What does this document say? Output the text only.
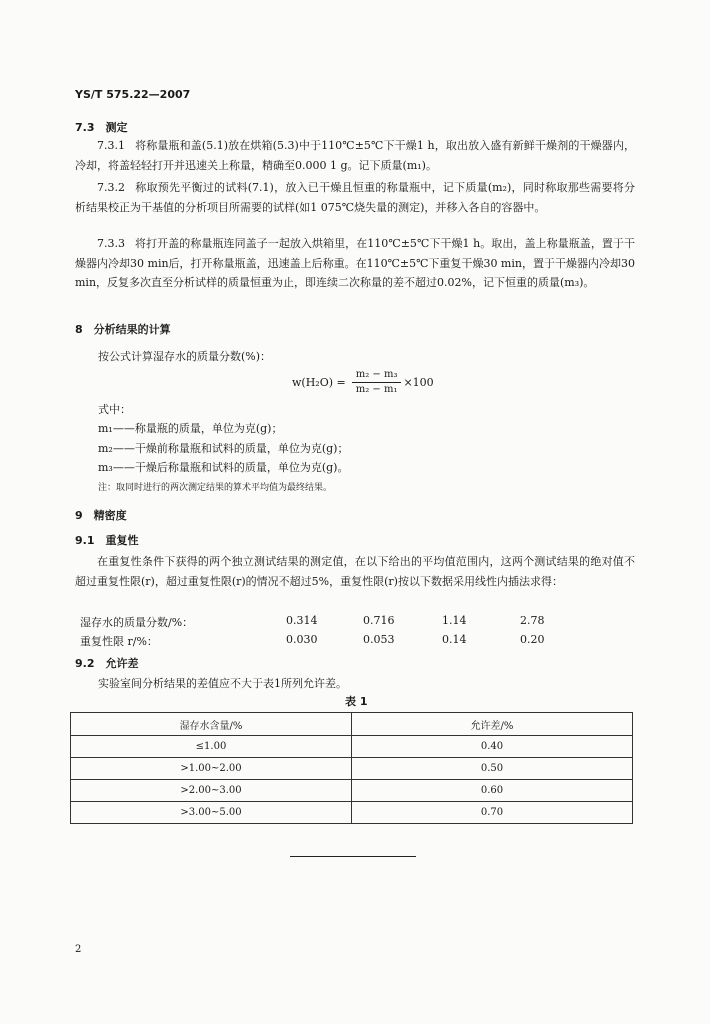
YS/T 575.22—2007
7.3　测定
7.3.1 将称量瓶和盖(5.1)放在烘箱(5.3)中于110℃±5℃下干燥1 h，取出放入盛有新鲜干燥剂的干燥器内，冷却，将盖轻轻打开并迅速关上称量，精确至0.000 1 g。记下质量(m₁)。
7.3.2 称取预先平衡过的试料(7.1)，放入已干燥且恒重的称量瓶中，记下质量(m₂)，同时称取那些需要将分析结果校正为干基值的分析项目所需要的试样(如1 075℃烧失量的测定)，并移入各自的容器中。
7.3.3 将打开盖的称量瓶连同盖子一起放入烘箱里，在110℃±5℃下干燥1 h。取出，盖上称量瓶盖，置于干燥器内冷却30 min后，打开称量瓶盖，迅速盖上后称重。在110℃±5℃下重复干燥30 min，置于干燥器内冷却30 min，反复多次直至分析试样的质量恒重为止，即连续二次称量的差不超过0.02%，记下恒重的质量(m₃)。
8　分析结果的计算
按公式计算湿存水的质量分数(%)：
$w(H_2O) = \frac{\text{m₂ − m₃}}{\text{m₂ − m₁}} \times 100$
式中：
m₁——称量瓶的质量，单位为克(g)；
m₂——干燥前称量瓶和试料的质量，单位为克(g)；
m₃——干燥后称量瓶和试料的质量，单位为克(g)。
注：取同时进行的两次测定结果的算术平均值为最终结果。
9　精密度
9.1　重复性
在重复性条件下获得的两个独立测试结果的测定值，在以下给出的平均值范围内，这两个测试结果的绝对值不超过重复性限(r)，超过重复性限(r)的情况不超过5%，重复性限(r)按以下数据采用线性内插法求得：
湿存水的质量分数/%：	0.314	0.716	1.14	2.78
重复性限 r/%：	0.030	0.053	0.14	0.20
9.2　允许差
实验室间分析结果的差值应不大于表1所列允许差。
表 1
湿存水含量/%	允许差/%
≤1.00	0.40
>1.00~2.00	0.50
>2.00~3.00	0.60
>3.00~5.00	0.70
2
